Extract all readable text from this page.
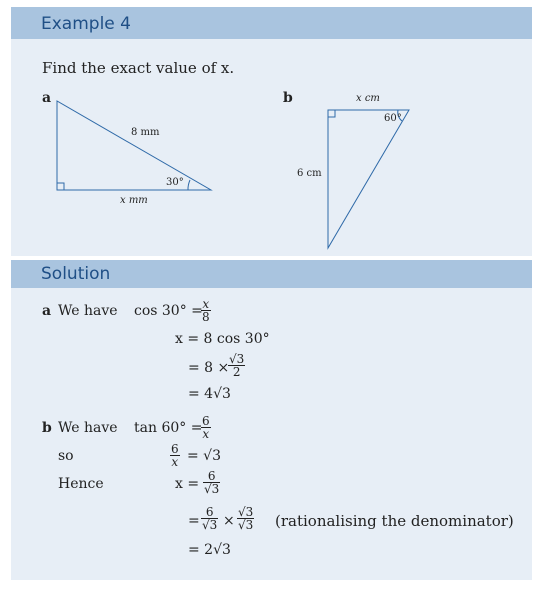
Example 4
Find the exact value of x.
a	b
8 mm
30°
x mm
x cm
60°
6 cm
Solution
a We have cos 30° =
$\frac{x}{8}$
x = 8 cos 30°
= 8 ×
$\frac{√3}{2}$
= 4√3
b We have tan 60° =
$\frac{6}{x}$
so	$\frac{6}{x} = √3$
Hence	$x = \frac{6}{√3}$
= $\frac{6}{√3} \times \frac{√3}{√3}$ (rationalising the denominator)
= 2√3
